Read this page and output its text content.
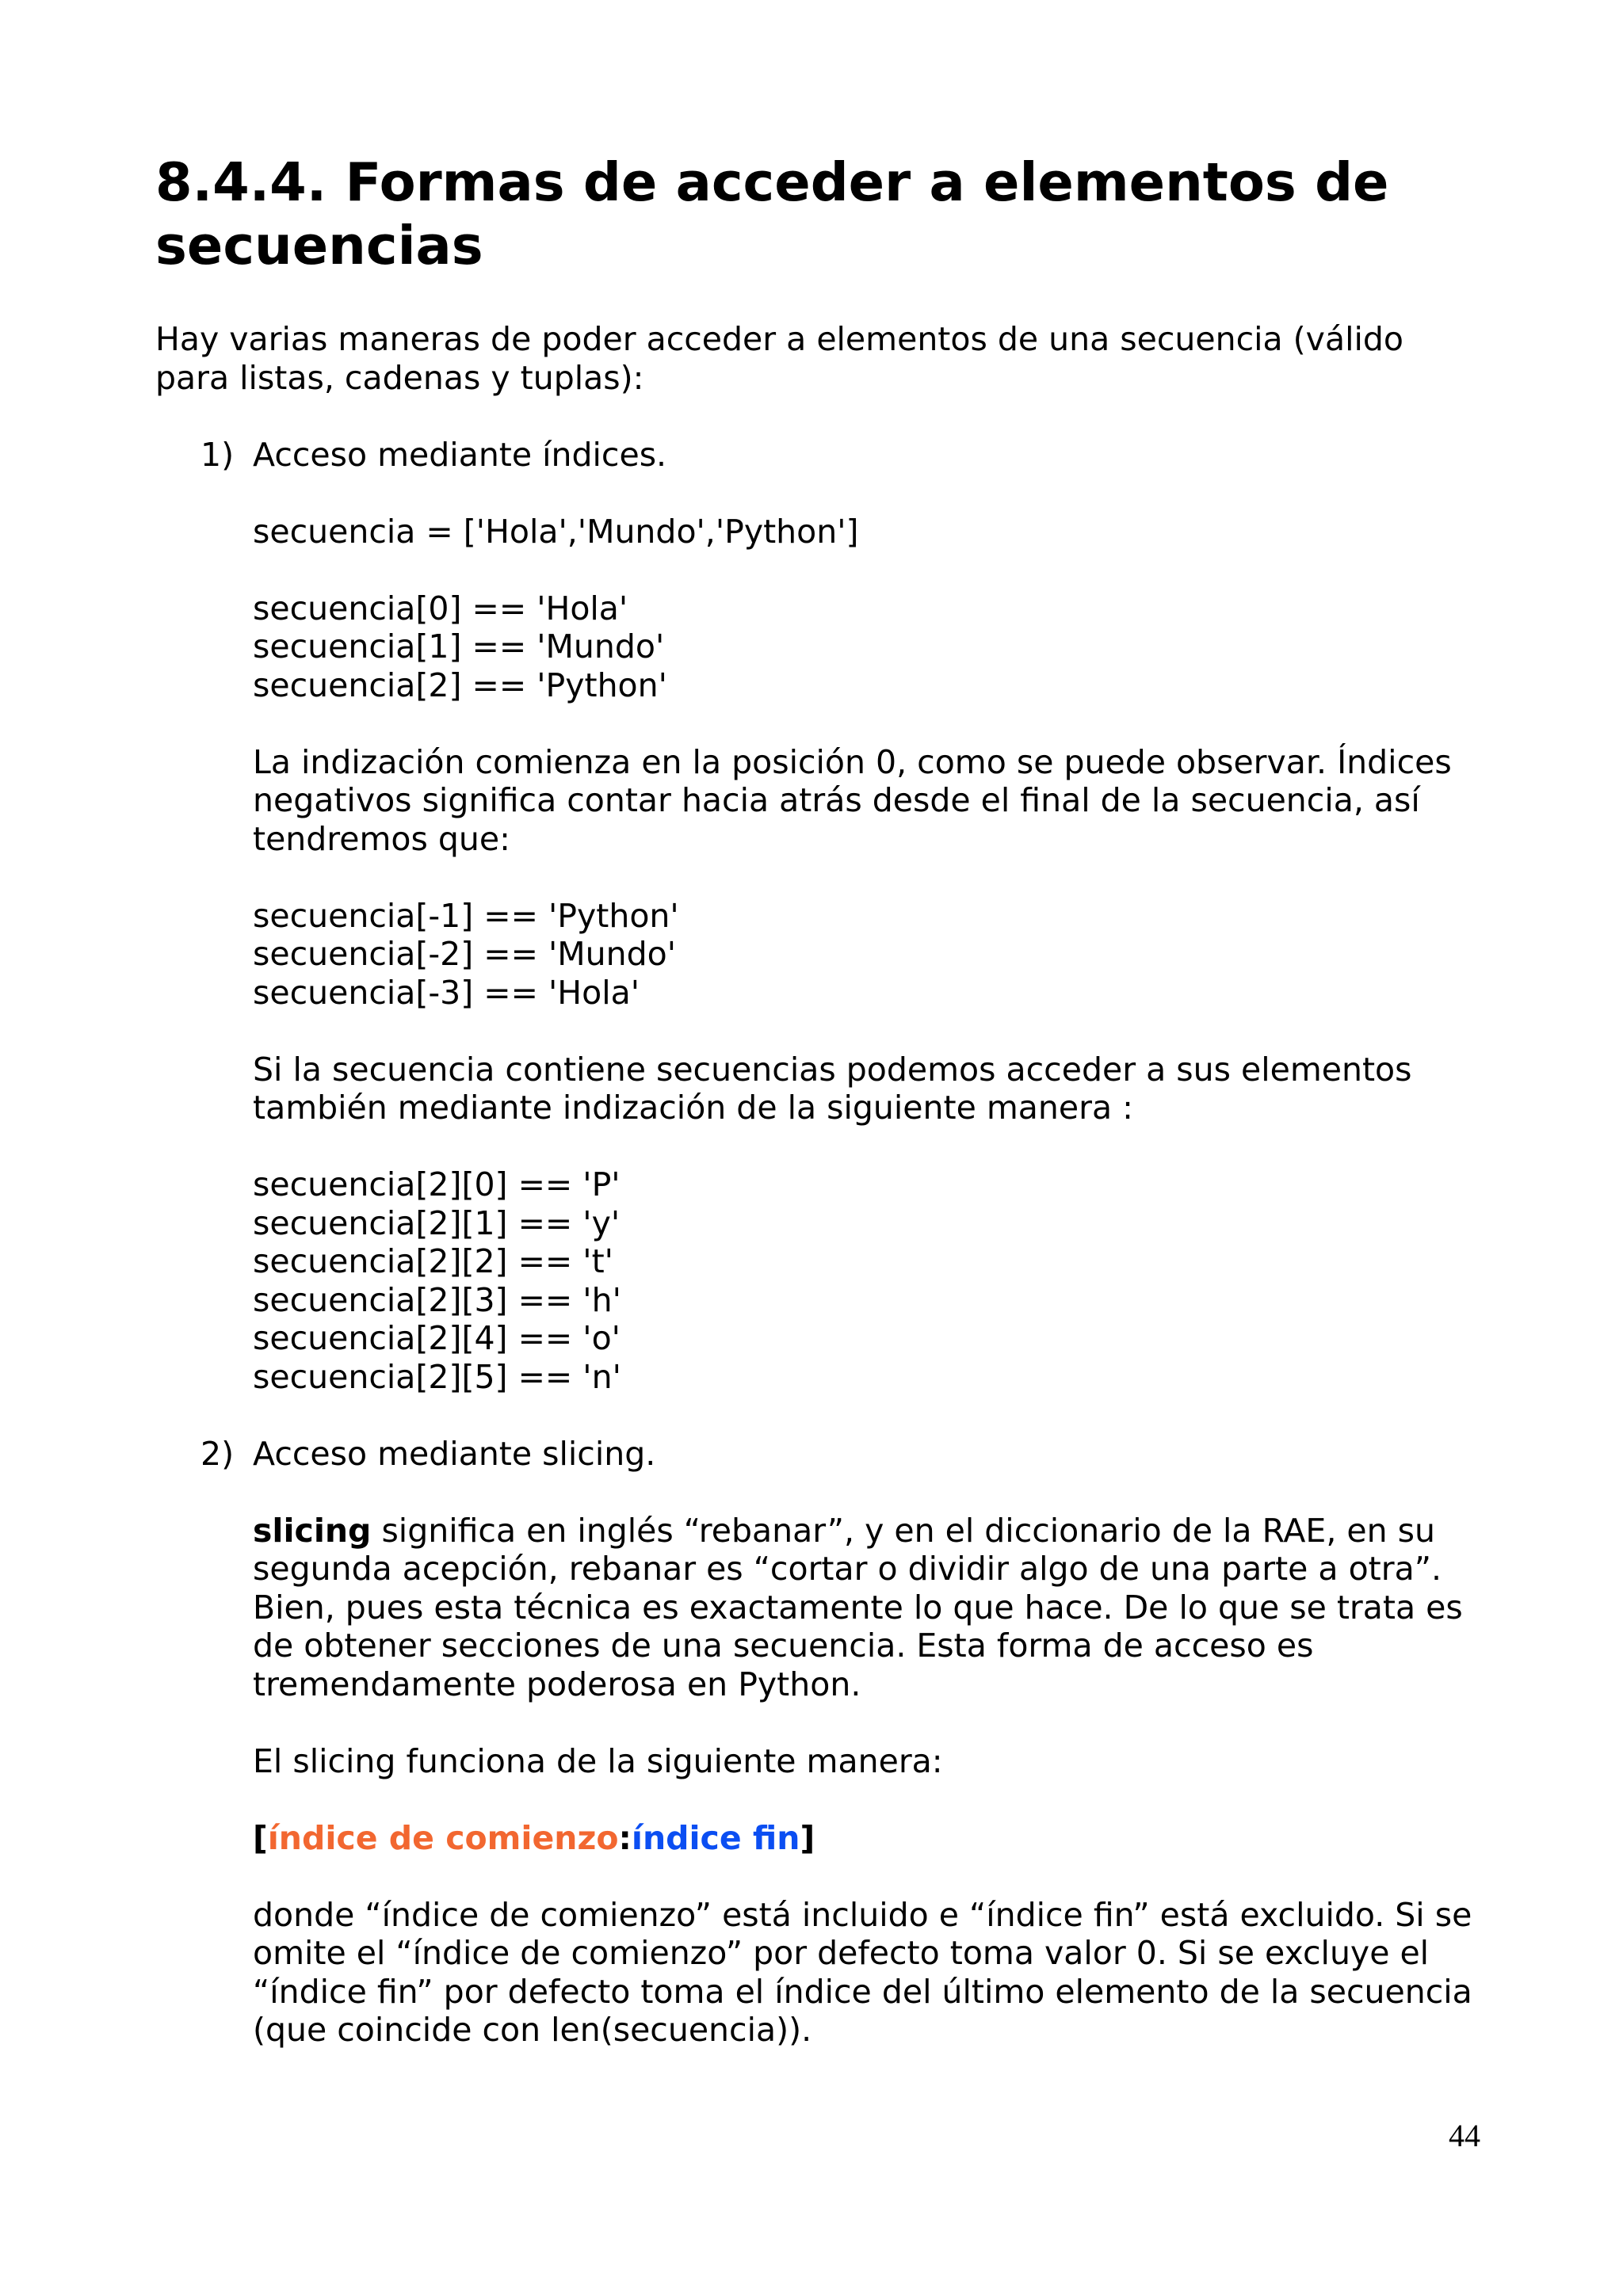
8.4.4. Formas de acceder a elementos de secuencias

Hay varias maneras de poder acceder a elementos de una secuencia (válido para listas, cadenas y tuplas):

1) Acceso mediante índices.

secuencia = ['Hola','Mundo','Python']

secuencia[0] == 'Hola'

secuencia[1] == 'Mundo'

secuencia[2] == 'Python'

La indización comienza en la posición 0, como se puede observar. Índices negativos significa contar hacia atrás desde el final de la secuencia, así tendremos que:

secuencia[-1] == 'Python'

secuencia[-2] == 'Mundo'

secuencia[-3] == 'Hola'

Si la secuencia contiene secuencias podemos acceder a sus elementos también mediante indización de la siguiente manera :

secuencia[2][0] == 'P'

secuencia[2][1] == 'y'

secuencia[2][2] == 't'

secuencia[2][3] == 'h'

secuencia[2][4] == 'o'

secuencia[2][5] == 'n'

2) Acceso mediante slicing.

slicing significa en inglés “rebanar”, y en el diccionario de la RAE, en su segunda acepción, rebanar es “cortar o dividir algo de una parte a otra”. Bien, pues esta técnica es exactamente lo que hace. De lo que se trata es de obtener secciones de una secuencia. Esta forma de acceso es tremendamente poderosa en Python.

El slicing funciona de la siguiente manera:

[índice de comienzo:índice fin]

donde “índice de comienzo” está incluido e “índice fin” está excluido. Si se omite el “índice de comienzo” por defecto toma valor 0. Si se excluye el “índice fin” por defecto toma el índice del último elemento de la secuencia (que coincide con len(secuencia)).

44
